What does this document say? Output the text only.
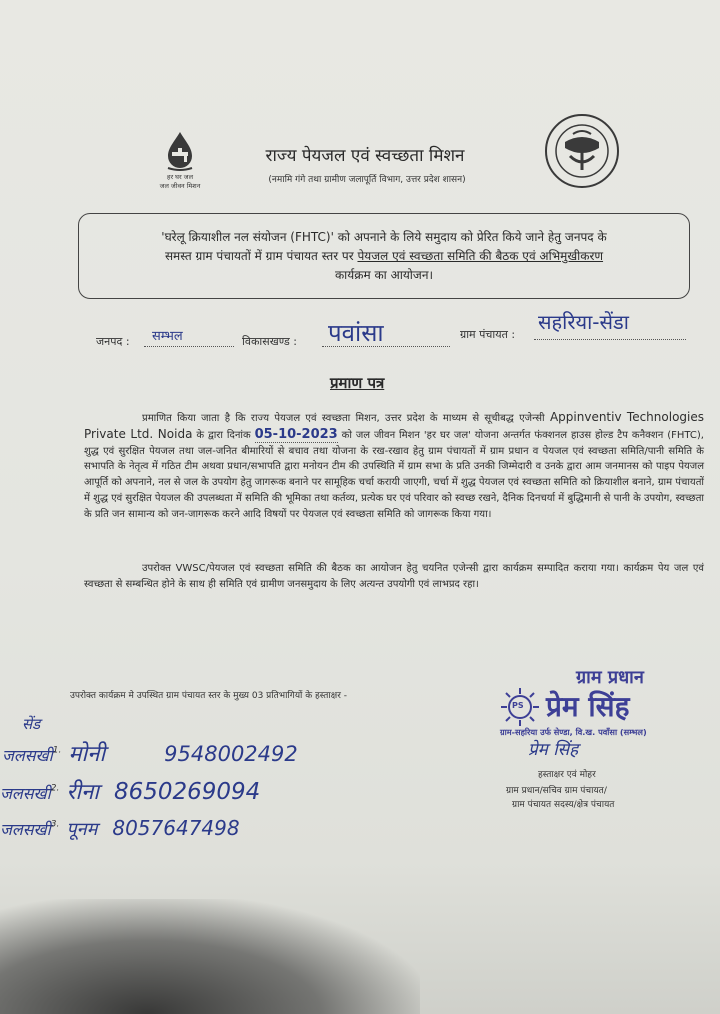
हर घर जल
जल जीवन मिशन
राज्य पेयजल एवं स्वच्छता मिशन
(नमामि गंगे तथा ग्रामीण जलापूर्ति विभाग, उत्तर प्रदेश शासन)
'घरेलू क्रियाशील नल संयोजन (FHTC)' को अपनाने के लिये समुदाय को प्रेरित किये जाने हेतु जनपद के
समस्त ग्राम पंचायतों में ग्राम पंचायत स्तर पर पेयजल एवं स्वच्छता समिति की बैठक एवं अभिमुखीकरण
कार्यक्रम का आयोजन।
जनपद : सम्भल	विकासखण्ड : पवांसा	ग्राम पंचायत :
सहरिया-सेंडा
प्रमाण पत्र
प्रमाणित किया जाता है कि राज्य पेयजल एवं स्वच्छता मिशन, उत्तर प्रदेश के माध्यम से सूचीबद्ध एजेन्सी Appinventiv Technologies Private Ltd. Noida के द्वारा दिनांक 05-10-2023 को जल जीवन मिशन 'हर घर जल' योजना अन्तर्गत फंक्शनल हाउस होल्ड टैप कनैक्शन (FHTC), शुद्ध एवं सुरक्षित पेयजल तथा जल-जनित बीमारियों से बचाव तथा योजना के रख-रखाव हेतु ग्राम पंचायतों में ग्राम प्रधान व पेयजल एवं स्वच्छता समिति/पानी समिति के सभापति के नेतृत्व में गठित टीम अथवा प्रधान/सभापति द्वारा मनोयन टीम की उपस्थिति में ग्राम सभा के प्रति उनकी जिम्मेदारी व उनके द्वारा आम जनमानस को पाइप पेयजल आपूर्ति को अपनाने, नल से जल के उपयोग हेतु जागरूक बनाने पर सामूहिक चर्चा करायी जाएगी, चर्चा में शुद्ध पेयजल एवं स्वच्छता समिति को क्रियाशील बनाने, ग्राम पंचायतों में शुद्ध एवं सुरक्षित पेयजल की उपलब्धता में समिति की भूमिका तथा कर्तव्य, प्रत्येक घर एवं परिवार को स्वच्छ रखने, दैनिक दिनचर्या में बुद्धिमानी से पानी के उपयोग, स्वच्छता के प्रति जन सामान्य को जन-जागरूक करने आदि विषयों पर पेयजल एवं स्वच्छता समिति को जागरूक किया गया।
उपरोक्त VWSC/पेयजल एवं स्वच्छता समिति की बैठक का आयोजन हेतु चयनित एजेन्सी द्वारा कार्यक्रम सम्पादित कराया गया। कार्यक्रम पेय जल एवं स्वच्छता से सम्बन्धित होने के साथ ही समिति एवं ग्रामीण जनसमुदाय के लिए अत्यन्त उपयोगी एवं लाभप्रद रहा।
उपरोक्त कार्यक्रम मे उपस्थित ग्राम पंचायत स्तर के मुख्य 03 प्रतिभागियों के हस्ताक्षर -
सेंड
जलसखी$^{1.}$ मोनी	9548002492
जलसखी$^{2.}$ रीना 8650269094
जलसखी$^{3.}$ पूनम 8057647498
ग्राम प्रधान
PS प्रेम सिंह
ग्राम-सहरिया उर्फ सेण्डा, वि.ख. पवाँसा (सम्भल)
प्रेम सिंह
हस्ताक्षर एवं मोहर
ग्राम प्रधान/सचिव ग्राम पंचायत/
ग्राम पंचायत सदस्य/क्षेत्र पंचायत
